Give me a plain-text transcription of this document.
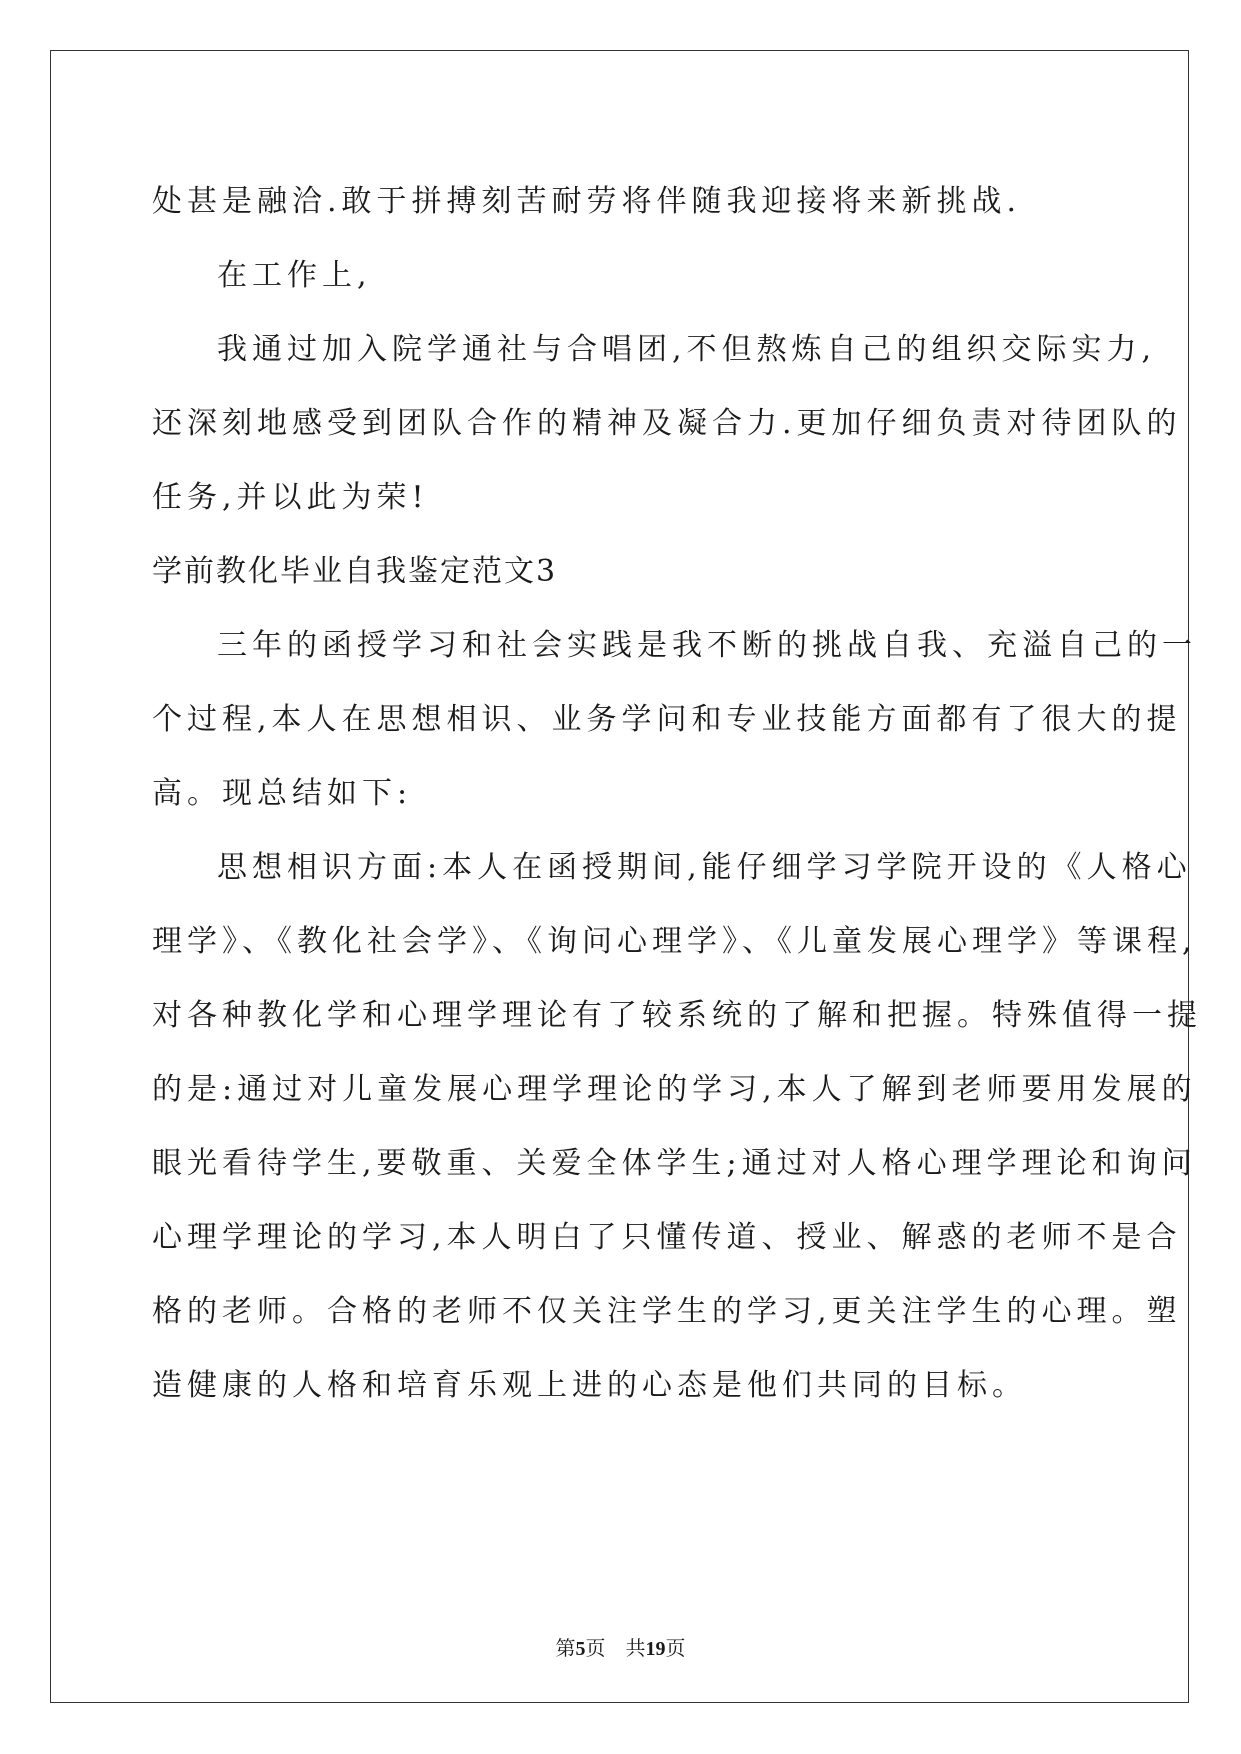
处甚是融洽.敢于拼搏刻苦耐劳将伴随我迎接将来新挑战.

在工作上,

我通过加入院学通社与合唱团,不但熬炼自己的组织交际实力,

还深刻地感受到团队合作的精神及凝合力.更加仔细负责对待团队的

任务,并以此为荣!

学前教化毕业自我鉴定范文3

三年的函授学习和社会实践是我不断的挑战自我、充溢自己的一

个过程,本人在思想相识、业务学问和专业技能方面都有了很大的提

高。现总结如下:

思想相识方面:本人在函授期间,能仔细学习学院开设的《人格心

理学》、《教化社会学》、《询问心理学》、《儿童发展心理学》等课程,

对各种教化学和心理学理论有了较系统的了解和把握。特殊值得一提

的是:通过对儿童发展心理学理论的学习,本人了解到老师要用发展的

眼光看待学生,要敬重、关爱全体学生;通过对人格心理学理论和询问

心理学理论的学习,本人明白了只懂传道、授业、解惑的老师不是合

格的老师。合格的老师不仅关注学生的学习,更关注学生的心理。塑

造健康的人格和培育乐观上进的心态是他们共同的目标。

第5页 共19页
